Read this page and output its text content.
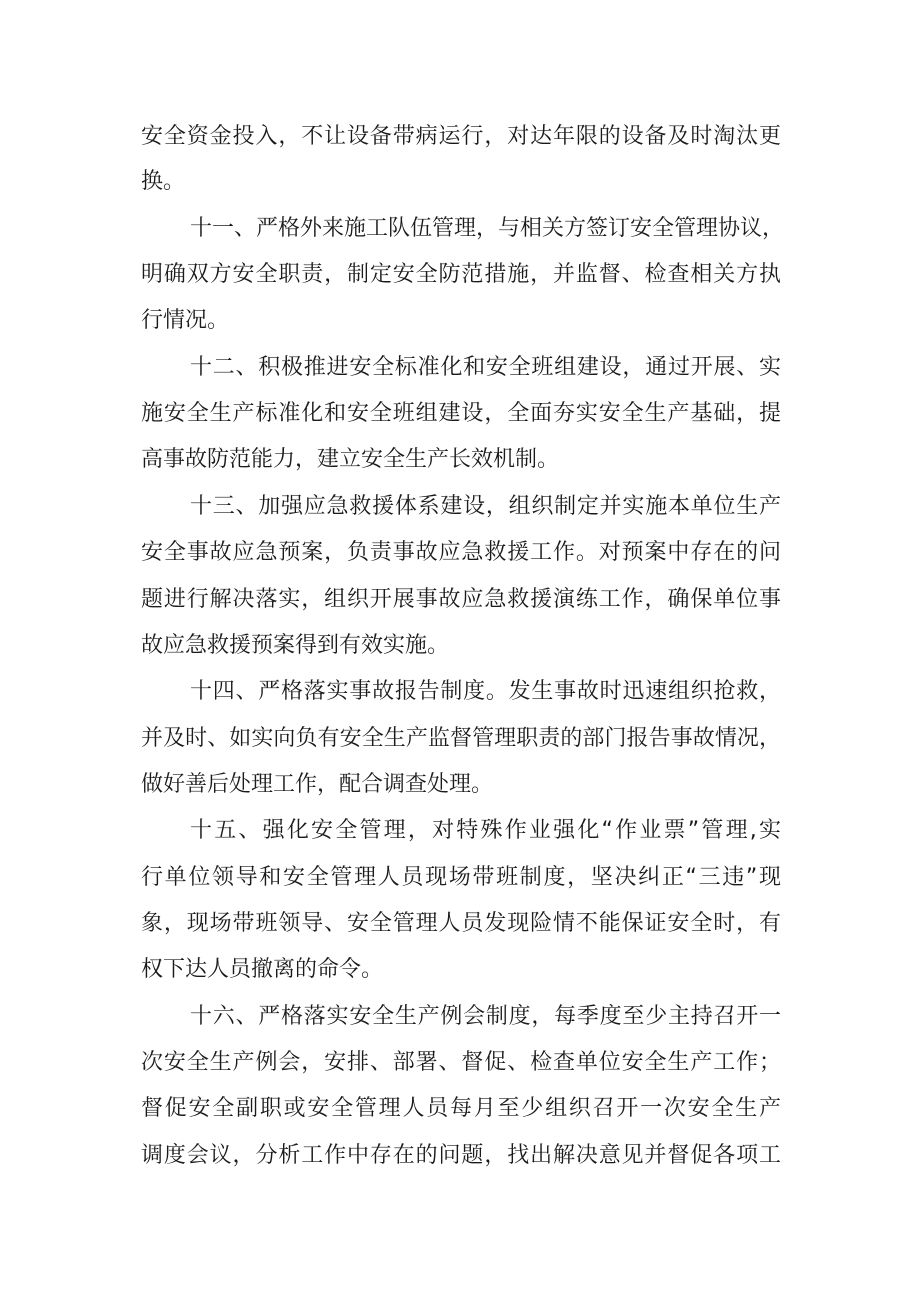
安全资金投入，不让设备带病运行，对达年限的设备及时淘汰更
换。
十一、严格外来施工队伍管理，与相关方签订安全管理协议，
明确双方安全职责，制定安全防范措施，并监督、检查相关方执
行情况。
十二、积极推进安全标准化和安全班组建设，通过开展、实
施安全生产标准化和安全班组建设，全面夯实安全生产基础，提
高事故防范能力，建立安全生产长效机制。
十三、加强应急救援体系建设，组织制定并实施本单位生产
安全事故应急预案，负责事故应急救援工作。对预案中存在的问
题进行解决落实，组织开展事故应急救援演练工作，确保单位事
故应急救援预案得到有效实施。
十四、严格落实事故报告制度。发生事故时迅速组织抢救，
并及时、如实向负有安全生产监督管理职责的部门报告事故情况，
做好善后处理工作，配合调查处理。
十五、强化安全管理，对特殊作业强化“作业票”管理,实
行单位领导和安全管理人员现场带班制度，坚决纠正“三违”现
象，现场带班领导、安全管理人员发现险情不能保证安全时，有
权下达人员撤离的命令。
十六、严格落实安全生产例会制度，每季度至少主持召开一
次安全生产例会，安排、部署、督促、检查单位安全生产工作；
督促安全副职或安全管理人员每月至少组织召开一次安全生产
调度会议，分析工作中存在的问题，找出解决意见并督促各项工
